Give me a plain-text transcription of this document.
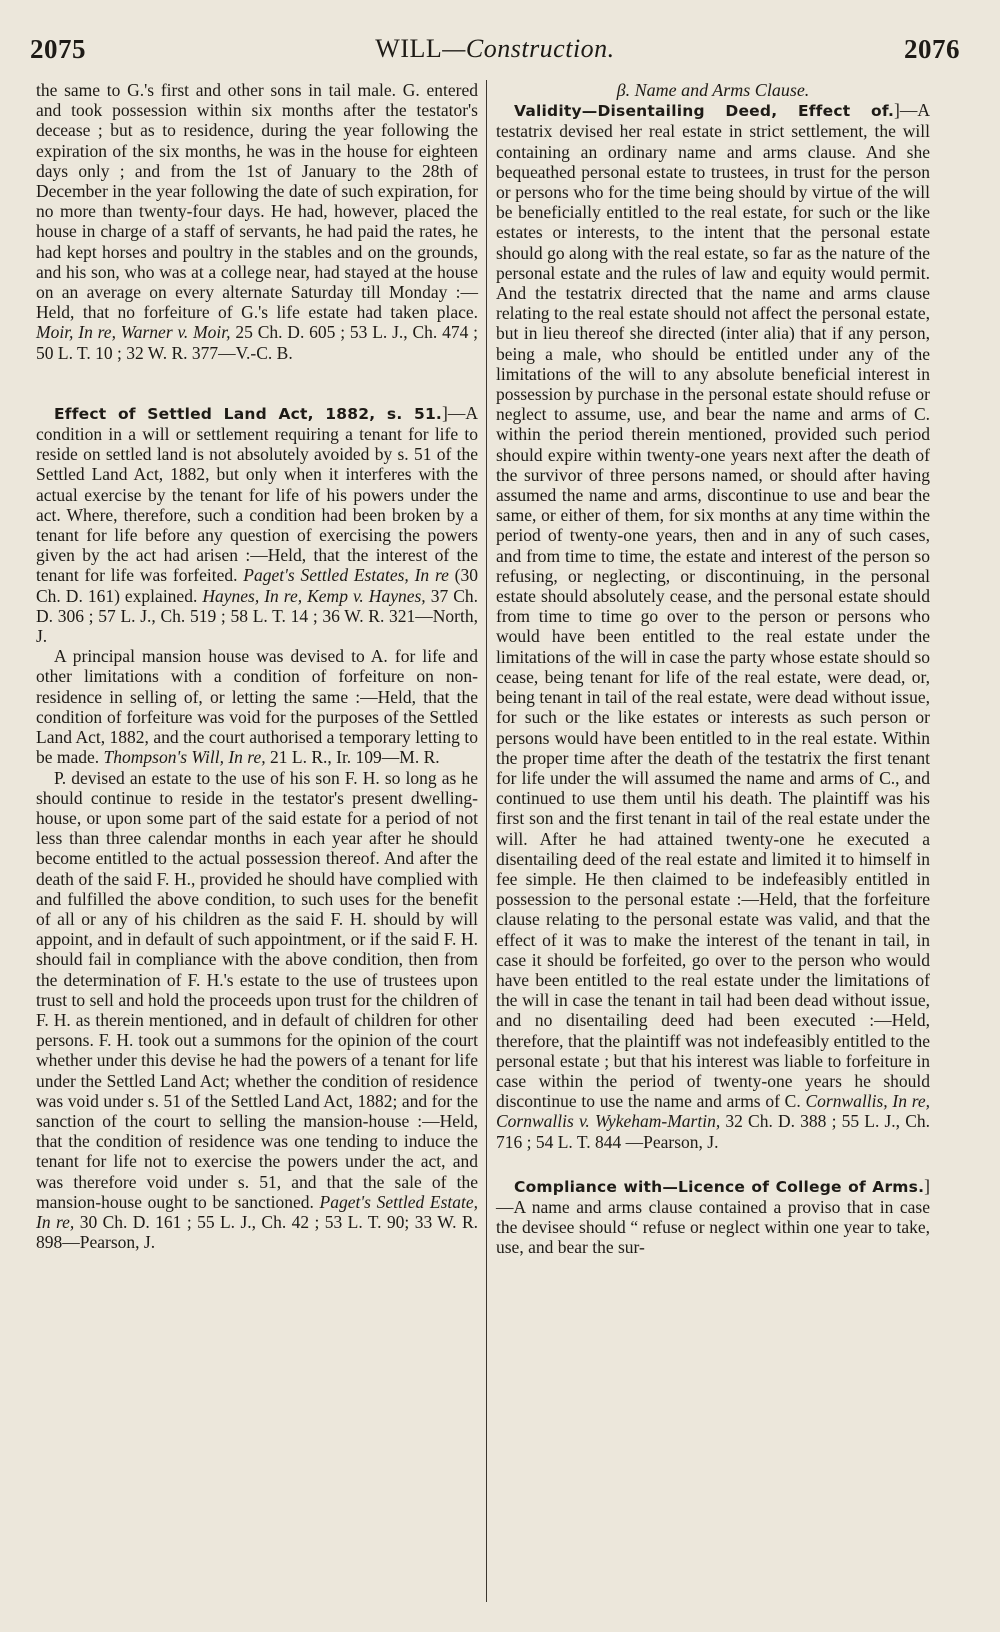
2075	WILL—Construction.	2076

the same to G.'s first and other sons in tail male. G. entered and took possession within six months after the testator's decease ; but as to residence, during the year following the expiration of the six months, he was in the house for eighteen days only ; and from the 1st of January to the 28th of December in the year following the date of such expiration, for no more than twenty-four days. He had, however, placed the house in charge of a staff of servants, he had paid the rates, he had kept horses and poultry in the stables and on the grounds, and his son, who was at a college near, had stayed at the house on an average on every alternate Saturday till Monday :—Held, that no forfeiture of G.'s life estate had taken place. Moir, In re, Warner v. Moir, 25 Ch. D. 605 ; 53 L. J., Ch. 474 ; 50 L. T. 10 ; 32 W. R. 377—V.-C. B.

Effect of Settled Land Act, 1882, s. 51.]—A condition in a will or settlement requiring a tenant for life to reside on settled land is not absolutely avoided by s. 51 of the Settled Land Act, 1882, but only when it interferes with the actual exercise by the tenant for life of his powers under the act. Where, therefore, such a condition had been broken by a tenant for life before any question of exercising the powers given by the act had arisen :—Held, that the interest of the tenant for life was forfeited. Paget's Settled Estates, In re (30 Ch. D. 161) explained. Haynes, In re, Kemp v. Haynes, 37 Ch. D. 306 ; 57 L. J., Ch. 519 ; 58 L. T. 14 ; 36 W. R. 321—North, J.

A principal mansion house was devised to A. for life and other limitations with a condition of forfeiture on non-residence in selling of, or letting the same :—Held, that the condition of forfeiture was void for the purposes of the Settled Land Act, 1882, and the court authorised a temporary letting to be made. Thompson's Will, In re, 21 L. R., Ir. 109—M. R.

P. devised an estate to the use of his son F. H. so long as he should continue to reside in the testator's present dwelling-house, or upon some part of the said estate for a period of not less than three calendar months in each year after he should become entitled to the actual possession thereof. And after the death of the said F. H., provided he should have complied with and fulfilled the above condition, to such uses for the benefit of all or any of his children as the said F. H. should by will appoint, and in default of such appointment, or if the said F. H. should fail in compliance with the above condition, then from the determination of F. H.'s estate to the use of trustees upon trust to sell and hold the proceeds upon trust for the children of F. H. as therein mentioned, and in default of children for other persons. F. H. took out a summons for the opinion of the court whether under this devise he had the powers of a tenant for life under the Settled Land Act; whether the condition of residence was void under s. 51 of the Settled Land Act, 1882; and for the sanction of the court to selling the mansion-house :—Held, that the condition of residence was one tending to induce the tenant for life not to exercise the powers under the act, and was therefore void under s. 51, and that the sale of the mansion-house ought to be sanctioned. Paget's Settled Estate, In re, 30 Ch. D. 161 ; 55 L. J., Ch. 42 ; 53 L. T. 90; 33 W. R. 898—Pearson, J.

β. Name and Arms Clause.

Validity—Disentailing Deed, Effect of.]—A testatrix devised her real estate in strict settlement, the will containing an ordinary name and arms clause. And she bequeathed personal estate to trustees, in trust for the person or persons who for the time being should by virtue of the will be beneficially entitled to the real estate, for such or the like estates or interests, to the intent that the personal estate should go along with the real estate, so far as the nature of the personal estate and the rules of law and equity would permit. And the testatrix directed that the name and arms clause relating to the real estate should not affect the personal estate, but in lieu thereof she directed (inter alia) that if any person, being a male, who should be entitled under any of the limitations of the will to any absolute beneficial interest in possession by purchase in the personal estate should refuse or neglect to assume, use, and bear the name and arms of C. within the period therein mentioned, provided such period should expire within twenty-one years next after the death of the survivor of three persons named, or should after having assumed the name and arms, discontinue to use and bear the same, or either of them, for six months at any time within the period of twenty-one years, then and in any of such cases, and from time to time, the estate and interest of the person so refusing, or neglecting, or discontinuing, in the personal estate should absolutely cease, and the personal estate should from time to time go over to the person or persons who would have been entitled to the real estate under the limitations of the will in case the party whose estate should so cease, being tenant for life of the real estate, were dead, or, being tenant in tail of the real estate, were dead without issue, for such or the like estates or interests as such person or persons would have been entitled to in the real estate. Within the proper time after the death of the testatrix the first tenant for life under the will assumed the name and arms of C., and continued to use them until his death. The plaintiff was his first son and the first tenant in tail of the real estate under the will. After he had attained twenty-one he executed a disentailing deed of the real estate and limited it to himself in fee simple. He then claimed to be indefeasibly entitled in possession to the personal estate :—Held, that the forfeiture clause relating to the personal estate was valid, and that the effect of it was to make the interest of the tenant in tail, in case it should be forfeited, go over to the person who would have been entitled to the real estate under the limitations of the will in case the tenant in tail had been dead without issue, and no disentailing deed had been executed :—Held, therefore, that the plaintiff was not indefeasibly entitled to the personal estate ; but that his interest was liable to forfeiture in case within the period of twenty-one years he should discontinue to use the name and arms of C. Cornwallis, In re, Cornwallis v. Wykeham-Martin, 32 Ch. D. 388 ; 55 L. J., Ch. 716 ; 54 L. T. 844 —Pearson, J.

Compliance with—Licence of College of Arms.]—A name and arms clause contained a proviso that in case the devisee should “ refuse or neglect within one year to take, use, and bear the sur-
